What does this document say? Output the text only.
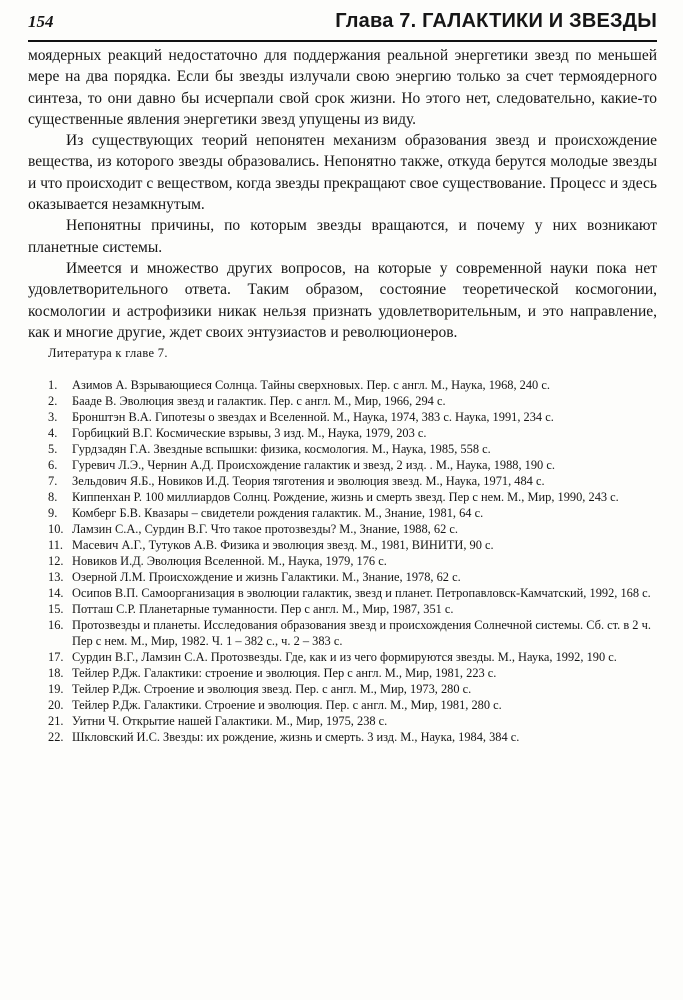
154	Глава 7. ГАЛАКТИКИ И ЗВЕЗДЫ

моядерных реакций недостаточно для поддержания реальной энергетики звезд по меньшей мере на два порядка. Если бы звезды излучали свою энергию только за счет термоядерного синтеза, то они давно бы исчерпали свой срок жизни. Но этого нет, следовательно, какие-то существенные явления энергетики звезд упущены из виду.

Из существующих теорий непонятен механизм образования звезд и происхождение вещества, из которого звезды образовались. Непонятно также, откуда берутся молодые звезды и что происходит с веществом, когда звезды прекращают свое существование. Процесс и здесь оказывается незамкнутым.

Непонятны причины, по которым звезды вращаются, и почему у них возникают планетные системы.

Имеется и множество других вопросов, на которые у современной науки пока нет удовлетворительного ответа. Таким образом, состояние теоретической космогонии, космологии и астрофизики никак нельзя признать удовлетворительным, и это направление, как и многие другие, ждет своих энтузиастов и революционеров.

Литература к главе 7.
1.	Азимов А. Взрывающиеся Солнца. Тайны сверхновых. Пер. с англ. М., Наука, 1968, 240 с.
2.	Бааде В. Эволюция звезд и галактик. Пер. с англ. М., Мир, 1966, 294 с.
3.	Бронштэн В.А. Гипотезы о звездах и Вселенной. М., Наука, 1974, 383 с. Наука, 1991, 234 с.
4.	Горбицкий В.Г. Космические взрывы, 3 изд. М., Наука, 1979, 203 с.
5.	Гурдзадян Г.А. Звездные вспышки: физика, космология. М., Наука, 1985, 558 с.
6.	Гуревич Л.Э., Чернин А.Д. Происхождение галактик и звезд, 2 изд. . М., Наука, 1988, 190 с.
7.	Зельдович Я.Б., Новиков И.Д. Теория тяготения и эволюция звезд. М., Наука, 1971, 484 с.
8.	Киппенхан Р. 100 миллиардов Солнц. Рождение, жизнь и смерть звезд. Пер с нем. М., Мир, 1990, 243 с.
9.	Комберг Б.В. Квазары – свидетели рождения галактик. М., Знание, 1981, 64 с.
10. Ламзин С.А., Сурдин В.Г. Что такое протозвезды? М., Знание, 1988, 62 с.
11. Масевич А.Г., Тутуков А.В. Физика и эволюция звезд. М., 1981, ВИНИТИ, 90 с.
12. Новиков И.Д. Эволюция Вселенной. М., Наука, 1979, 176 с.
13. Озерной Л.М. Происхождение и жизнь Галактики. М., Знание, 1978, 62 с.
14. Осипов В.П. Самоорганизация в эволюции галактик, звезд и планет. Петропавловск-Камчатский, 1992, 168 с.
15. Потташ С.Р. Планетарные туманности. Пер с англ. М., Мир, 1987, 351 с.
16. Протозвезды и планеты. Исследования образования звезд и происхождения Солнечной системы. Сб. ст. в 2 ч. Пер с нем. М., Мир, 1982. Ч. 1 – 382 с., ч. 2 – 383 с.
17. Сурдин В.Г., Ламзин С.А. Протозвезды. Где, как и из чего формируются звезды. М., Наука, 1992, 190 с.
18. Тейлер Р.Дж. Галактики: строение и эволюция. Пер с англ. М., Мир, 1981, 223 с.
19. Тейлер Р.Дж. Строение и эволюция звезд. Пер. с англ. М., Мир, 1973, 280 с.
20. Тейлер Р.Дж. Галактики. Строение и эволюция. Пер. с англ. М., Мир, 1981, 280 с.
21. Уитни Ч. Открытие нашей Галактики. М., Мир, 1975, 238 с.
22. Шкловский И.С. Звезды: их рождение, жизнь и смерть. 3 изд. М., Наука, 1984, 384 с.
